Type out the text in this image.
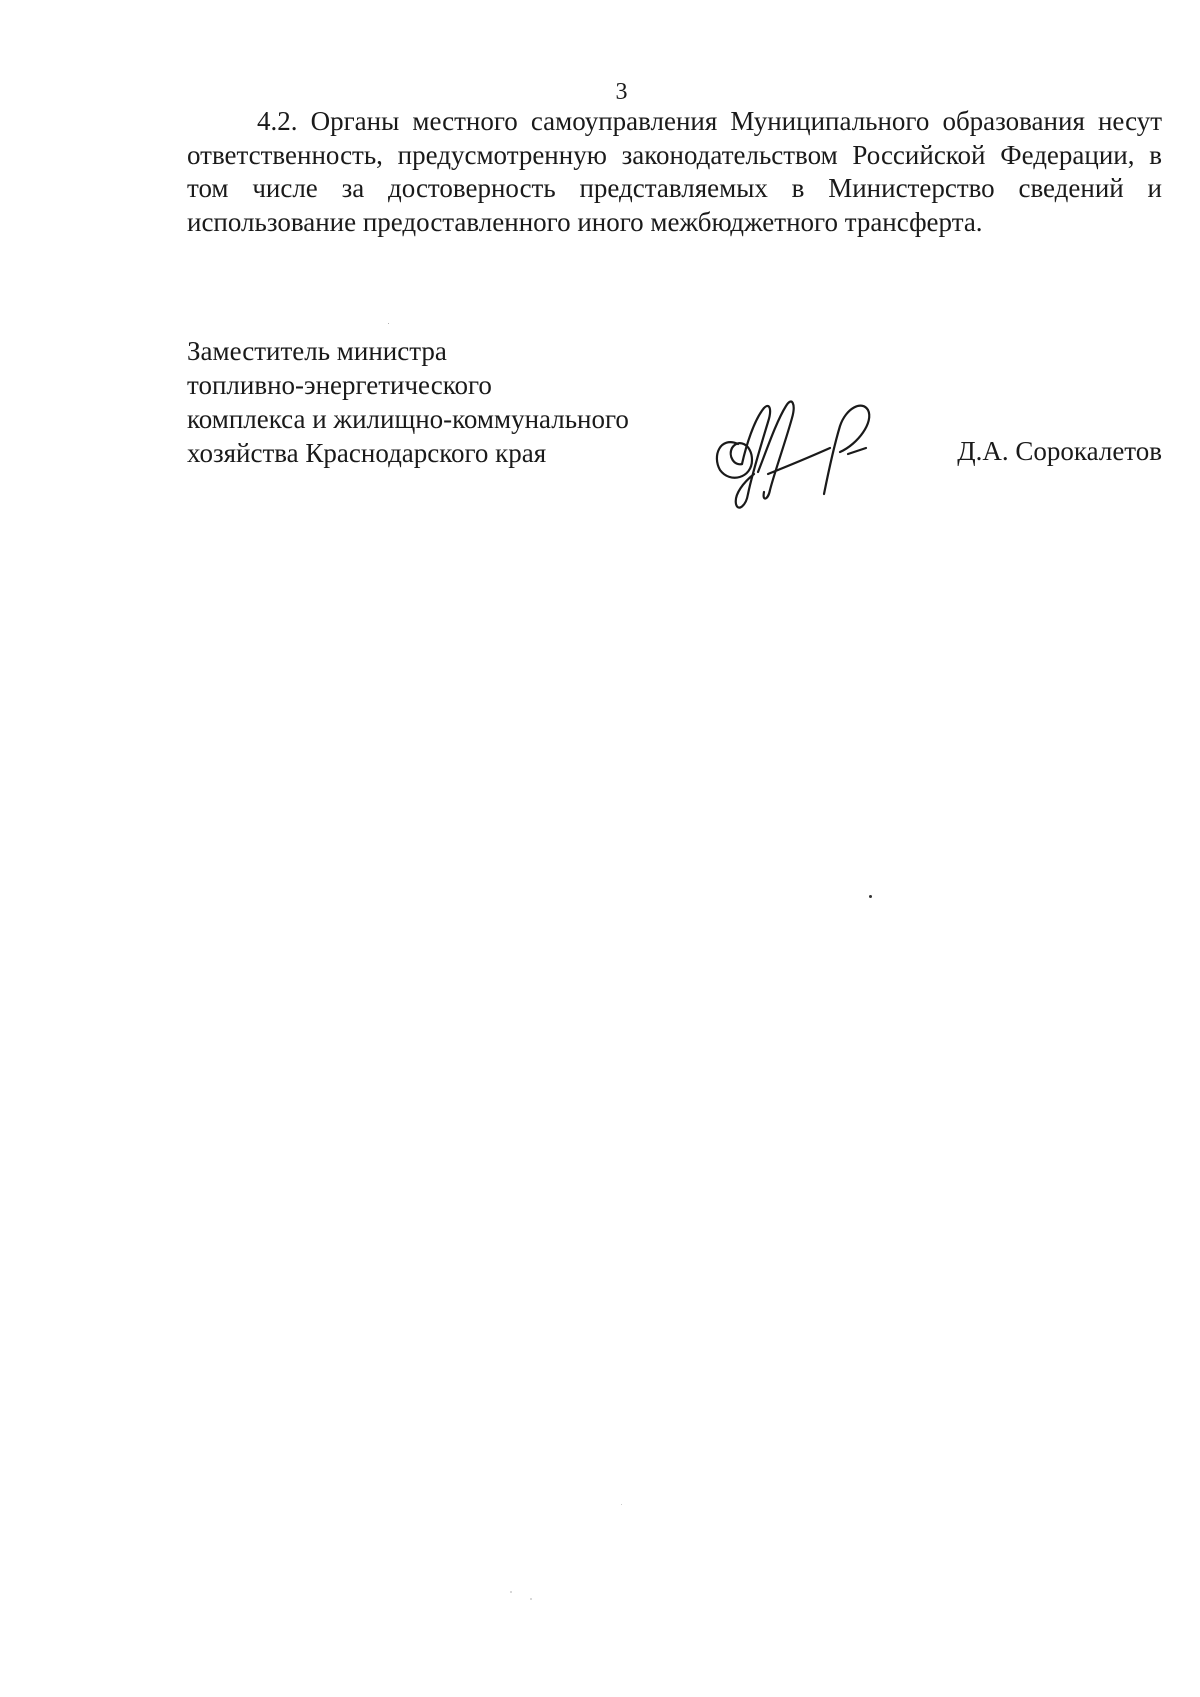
3

4.2. Органы местного самоуправления Муниципального образования несут ответственность, предусмотренную законодательством Российской Федерации, в том числе за достоверность представляемых в Министерство сведений и использование предоставленного иного межбюджетного трансферта.

Заместитель министра
топливно-энергетического
комплекса и жилищно-коммунального
хозяйства Краснодарского края	Д.А. Сорокалетов
